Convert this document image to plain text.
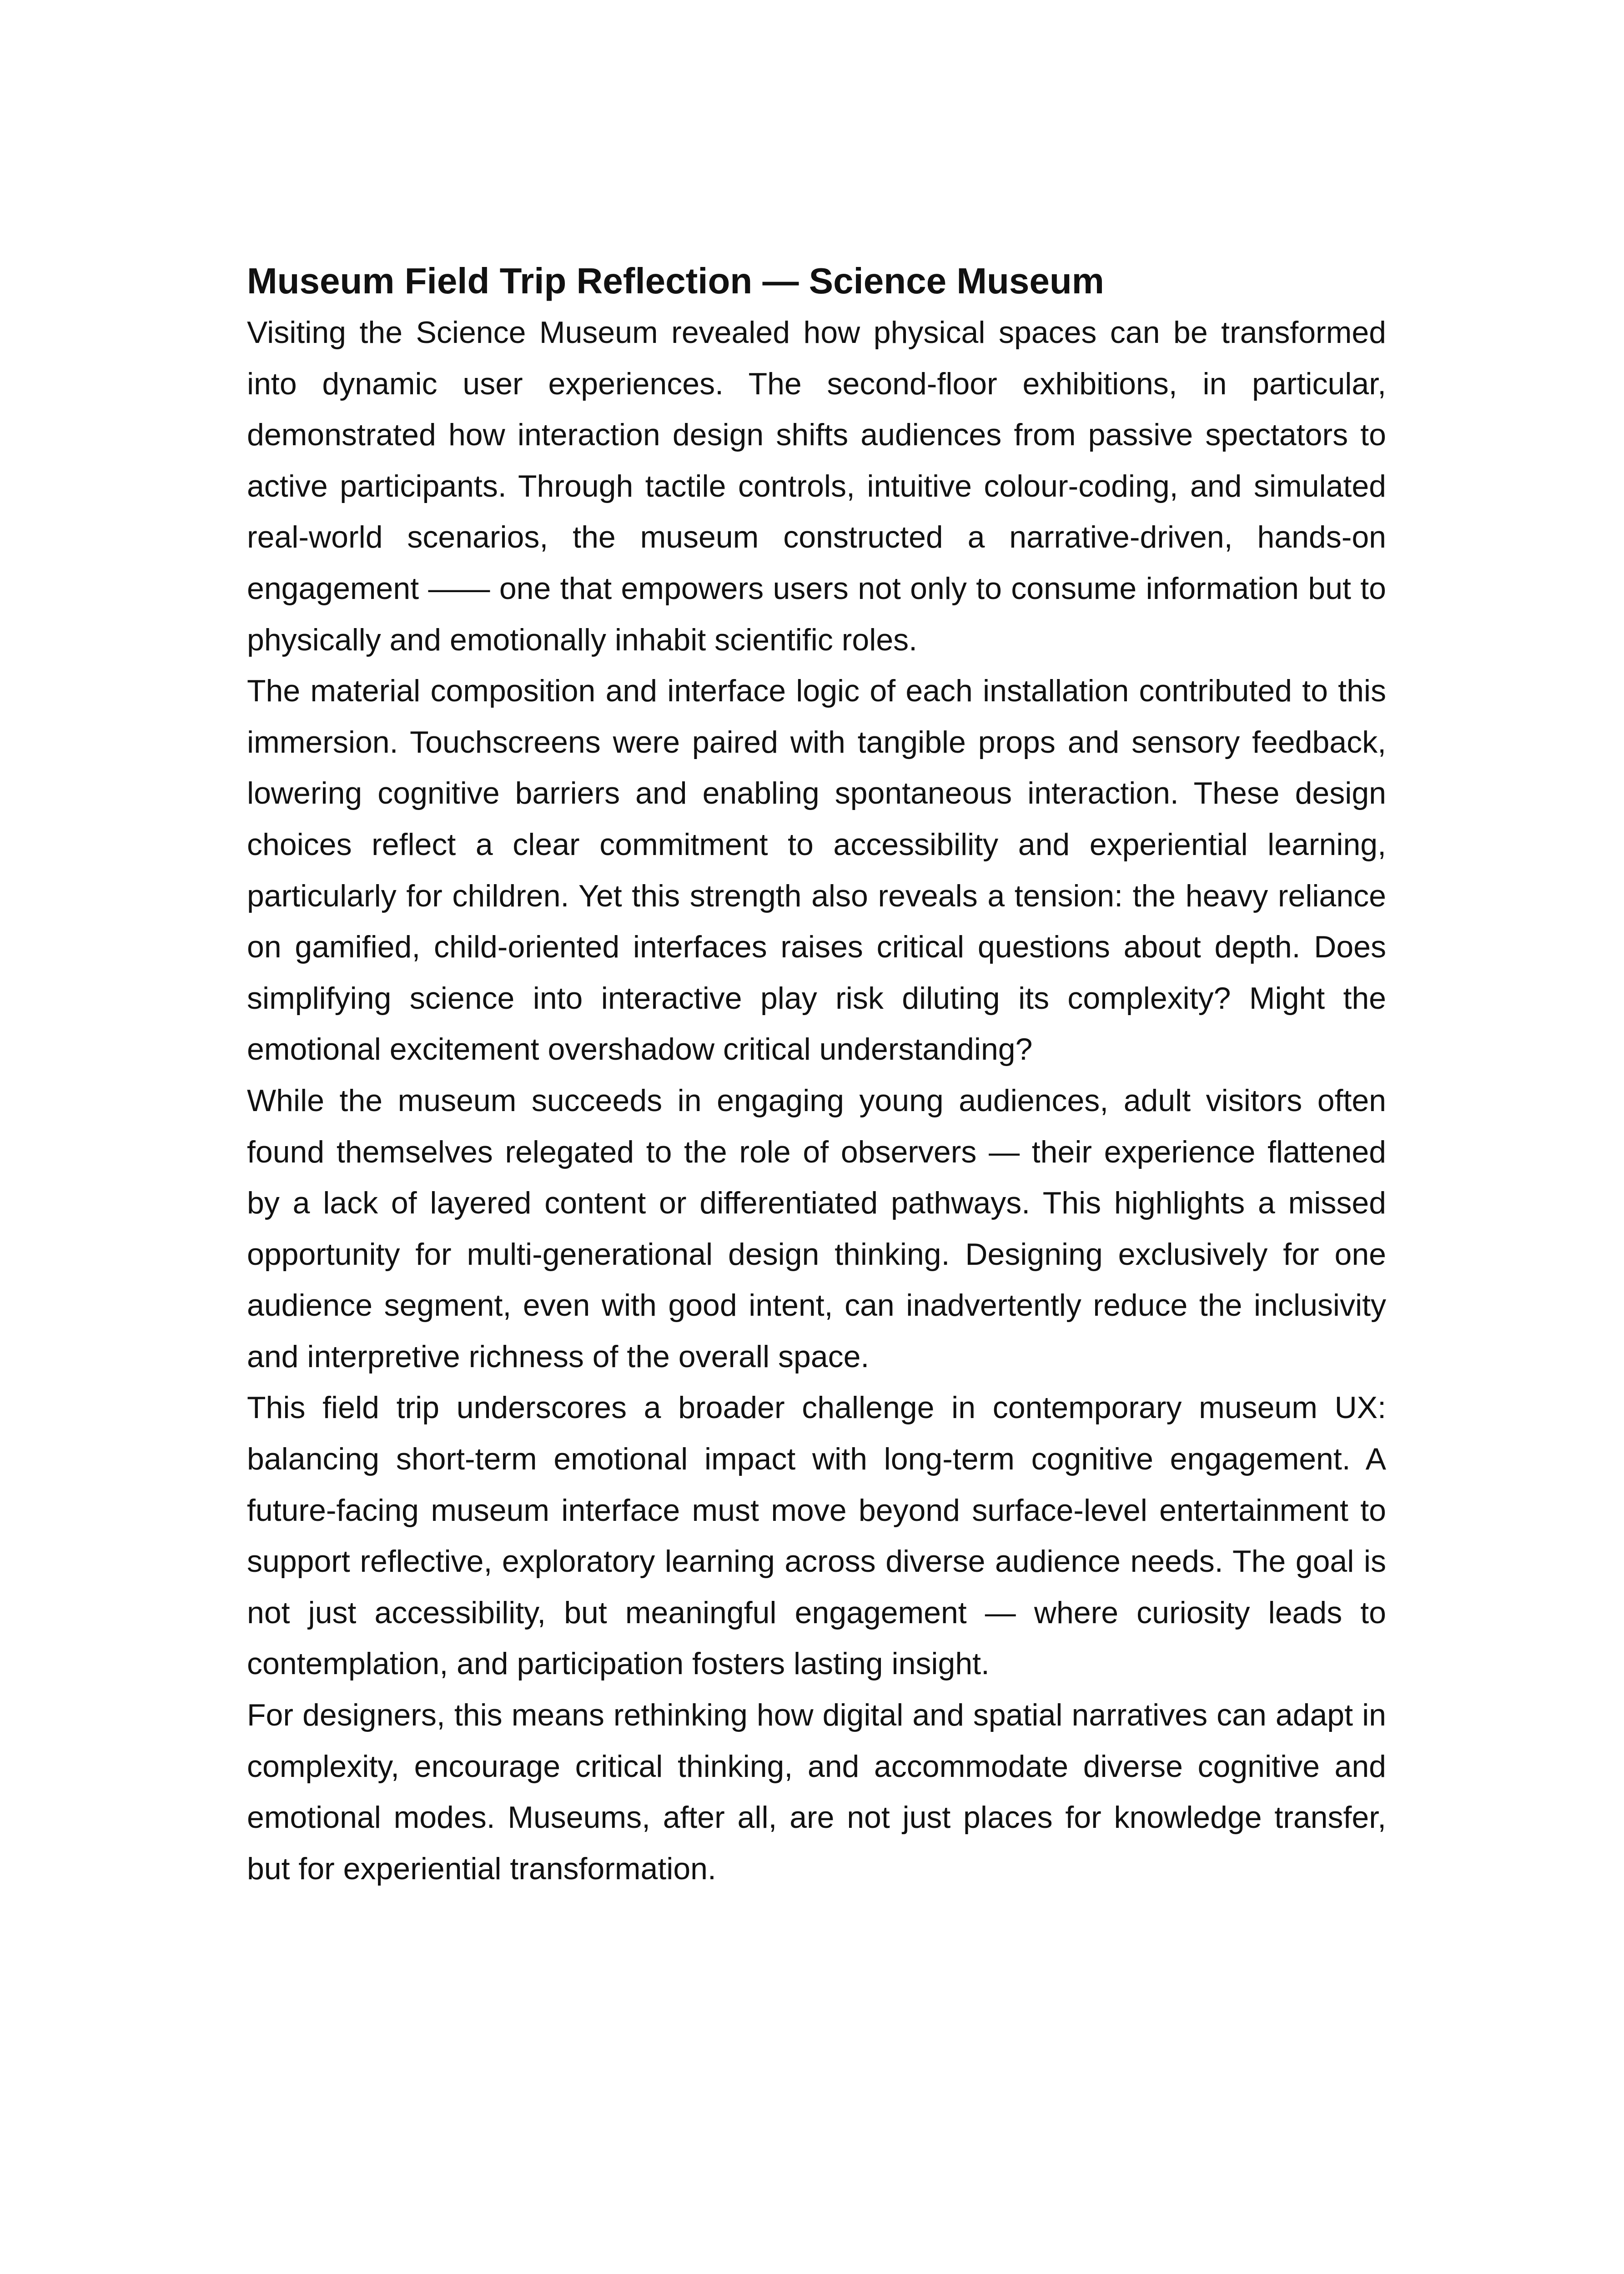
Museum Field Trip Reflection — Science Museum

Visiting the Science Museum revealed how physical spaces can be transformed into dynamic user experiences. The second-floor exhibitions, in particular, demonstrated how interaction design shifts audiences from passive spectators to active participants. Through tactile controls, intuitive colour-coding, and simulated real-world scenarios, the museum constructed a narrative-driven, hands-on engagement —— one that empowers users not only to consume information but to physically and emotionally inhabit scientific roles.

The material composition and interface logic of each installation contributed to this immersion. Touchscreens were paired with tangible props and sensory feedback, lowering cognitive barriers and enabling spontaneous interaction. These design choices reflect a clear commitment to accessibility and experiential learning, particularly for children. Yet this strength also reveals a tension: the heavy reliance on gamified, child-oriented interfaces raises critical questions about depth. Does simplifying science into interactive play risk diluting its complexity? Might the emotional excitement overshadow critical understanding?

While the museum succeeds in engaging young audiences, adult visitors often found themselves relegated to the role of observers — their experience flattened by a lack of layered content or differentiated pathways. This highlights a missed opportunity for multi-generational design thinking. Designing exclusively for one audience segment, even with good intent, can inadvertently reduce the inclusivity and interpretive richness of the overall space.

This field trip underscores a broader challenge in contemporary museum UX: balancing short-term emotional impact with long-term cognitive engagement. A future-facing museum interface must move beyond surface-level entertainment to support reflective, exploratory learning across diverse audience needs. The goal is not just accessibility, but meaningful engagement — where curiosity leads to contemplation, and participation fosters lasting insight.

For designers, this means rethinking how digital and spatial narratives can adapt in complexity, encourage critical thinking, and accommodate diverse cognitive and emotional modes. Museums, after all, are not just places for knowledge transfer, but for experiential transformation.
